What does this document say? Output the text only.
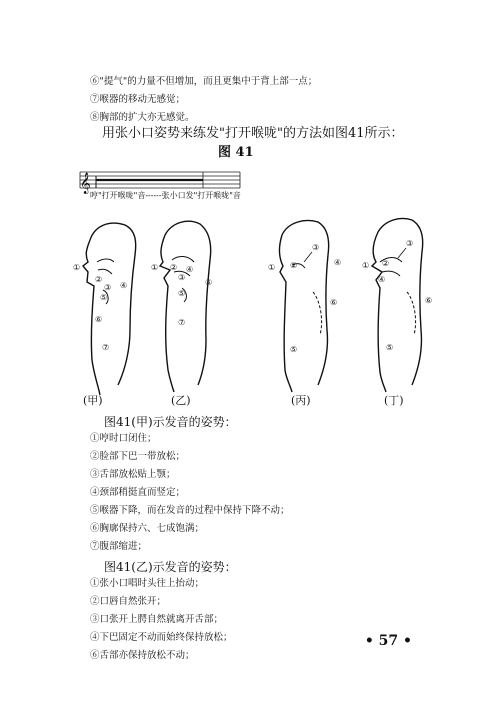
⑥"提气"的力量不但增加，而且更集中于背上部一点；
⑦喉器的移动无感觉；
⑧胸部的扩大亦无感觉。
用张小口姿势来练发"打开喉咙"的方法如图41所示：
图 41
𝄞
①
②
③ ④
⑤
⑥
⑦
① ②
③
④
⑤
⑥
⑦
① ②
③
④
⑤
⑥
① ②
③
④
⑤
⑥
哼"打开喉咙"音------张小口发"打开喉咙"音
(甲)	(乙)	(丙)	(丁)
图41(甲)示发音的姿势：
①哼时口闭住；
②脸部下巴一带放松；
③舌部放松贴上颚；
④颈部稍挺直而竖定；
⑤喉器下降，而在发音的过程中保持下降不动；
⑥胸廓保持六、七成饱满；
⑦腹部缩进；
图41(乙)示发音的姿势：
①张小口唱时头往上抬动；
②口唇自然张开；
③口张开上腭自然就离开舌部；
④下巴固定不动而始终保持放松；
⑥舌部亦保持放松不动；
• 57 •
